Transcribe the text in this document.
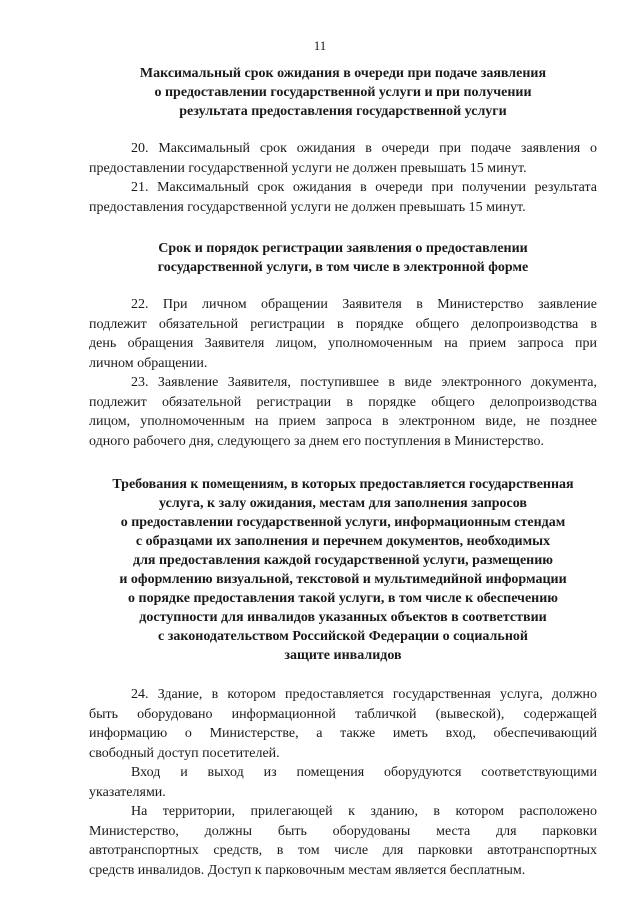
11
Максимальный срок ожидания в очереди при подаче заявления
о предоставлении государственной услуги и при получении
результата предоставления государственной услуги
20. Максимальный срок ожидания в очереди при подаче заявления о
предоставлении государственной услуги не должен превышать 15 минут.
21. Максимальный срок ожидания в очереди при получении результата
предоставления государственной услуги не должен превышать 15 минут.
Срок и порядок регистрации заявления о предоставлении
государственной услуги, в том числе в электронной форме
22. При личном обращении Заявителя в Министерство заявление
подлежит обязательной регистрации в порядке общего делопроизводства в
день обращения Заявителя лицом, уполномоченным на прием запроса при
личном обращении.
23. Заявление Заявителя, поступившее в виде электронного документа,
подлежит обязательной регистрации в порядке общего делопроизводства
лицом, уполномоченным на прием запроса в электронном виде, не позднее
одного рабочего дня, следующего за днем его поступления в Министерство.
Требования к помещениям, в которых предоставляется государственная
услуга, к залу ожидания, местам для заполнения запросов
о предоставлении государственной услуги, информационным стендам
с образцами их заполнения и перечнем документов, необходимых
для предоставления каждой государственной услуги, размещению
и оформлению визуальной, текстовой и мультимедийной информации
о порядке предоставления такой услуги, в том числе к обеспечению
доступности для инвалидов указанных объектов в соответствии
с законодательством Российской Федерации о социальной
защите инвалидов
24. Здание, в котором предоставляется государственная услуга, должно
быть оборудовано информационной табличкой (вывеской), содержащей
информацию о Министерстве, а также иметь вход, обеспечивающий
свободный доступ посетителей.
Вход и выход из помещения оборудуются соответствующими
указателями.
На территории, прилегающей к зданию, в котором расположено
Министерство, должны быть оборудованы места для парковки
автотранспортных средств, в том числе для парковки автотранспортных
средств инвалидов. Доступ к парковочным местам является бесплатным.
